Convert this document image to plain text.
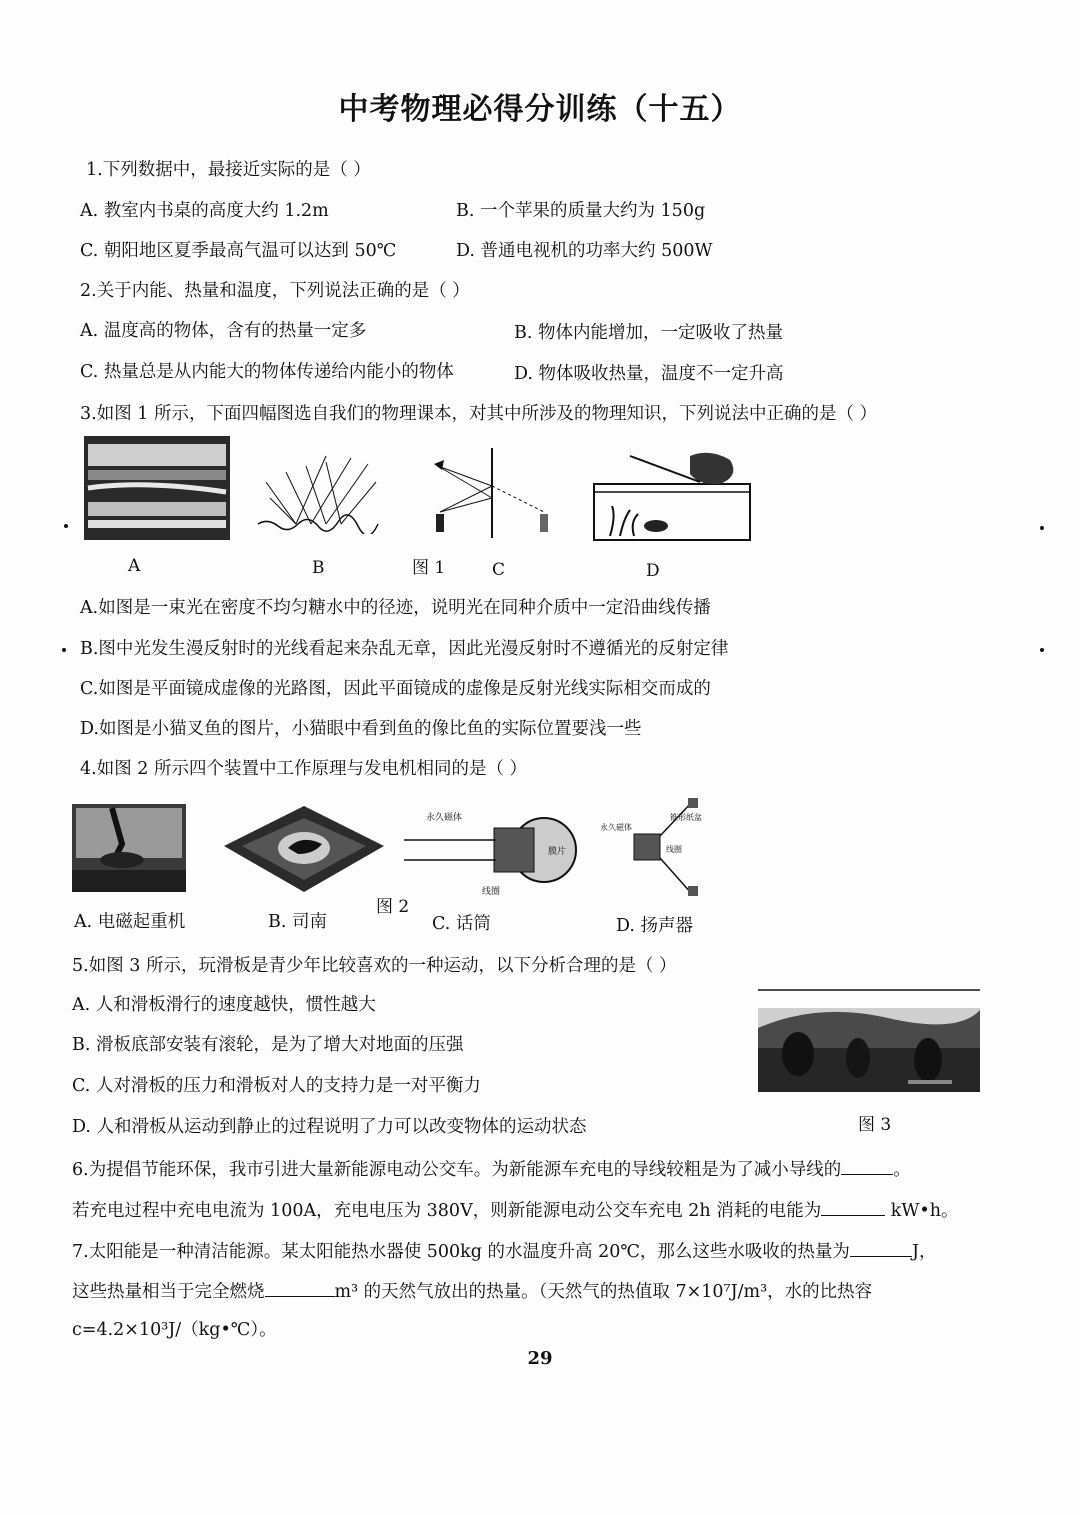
中考物理必得分训练（十五）
1.下列数据中，最接近实际的是（ ）
A. 教室内书桌的高度大约 1.2m	B. 一个苹果的质量大约为 150g
C. 朝阳地区夏季最高气温可以达到 50℃	D. 普通电视机的功率大约 500W
2.关于内能、热量和温度，下列说法正确的是（ ）
A. 温度高的物体，含有的热量一定多	B. 物体内能增加，一定吸收了热量
C. 热量总是从内能大的物体传递给内能小的物体	D. 物体吸收热量，温度不一定升高
3.如图 1 所示，下面四幅图选自我们的物理课本，对其中所涉及的物理知识，下列说法中正确的是（ ）
A	B	图 1	C	D
A.如图是一束光在密度不均匀糖水中的径迹，说明光在同种介质中一定沿曲线传播
B.图中光发生漫反射时的光线看起来杂乱无章，因此光漫反射时不遵循光的反射定律
C.如图是平面镜成虚像的光路图，因此平面镜成的虚像是反射光线实际相交而成的
D.如图是小猫叉鱼的图片，小猫眼中看到鱼的像比鱼的实际位置要浅一些
4.如图 2 所示四个装置中工作原理与发电机相同的是（ ）
永久磁体
膜片
线圈
永久磁体
线圈
锥形纸盆
图 2
A. 电磁起重机	B. 司南	C. 话筒	D. 扬声器
5.如图 3 所示，玩滑板是青少年比较喜欢的一种运动，以下分析合理的是（ ）
A. 人和滑板滑行的速度越快，惯性越大
B. 滑板底部安装有滚轮，是为了增大对地面的压强
C. 人对滑板的压力和滑板对人的支持力是一对平衡力
D. 人和滑板从运动到静止的过程说明了力可以改变物体的运动状态	图 3
6.为提倡节能环保，我市引进大量新能源电动公交车。为新能源车充电的导线较粗是为了减小导线的	。
若充电过程中充电电流为 100A，充电电压为 380V，则新能源电动公交车充电 2h 消耗的电能为	kW•h。
7.太阳能是一种清洁能源。某太阳能热水器使 500kg 的水温度升高 20℃，那么这些水吸收的热量为	J，
这些热量相当于完全燃烧	m³ 的天然气放出的热量。（天然气的热值取 7×10⁷J/m³，水的比热容
c=4.2×10³J/（kg•℃）。
29
